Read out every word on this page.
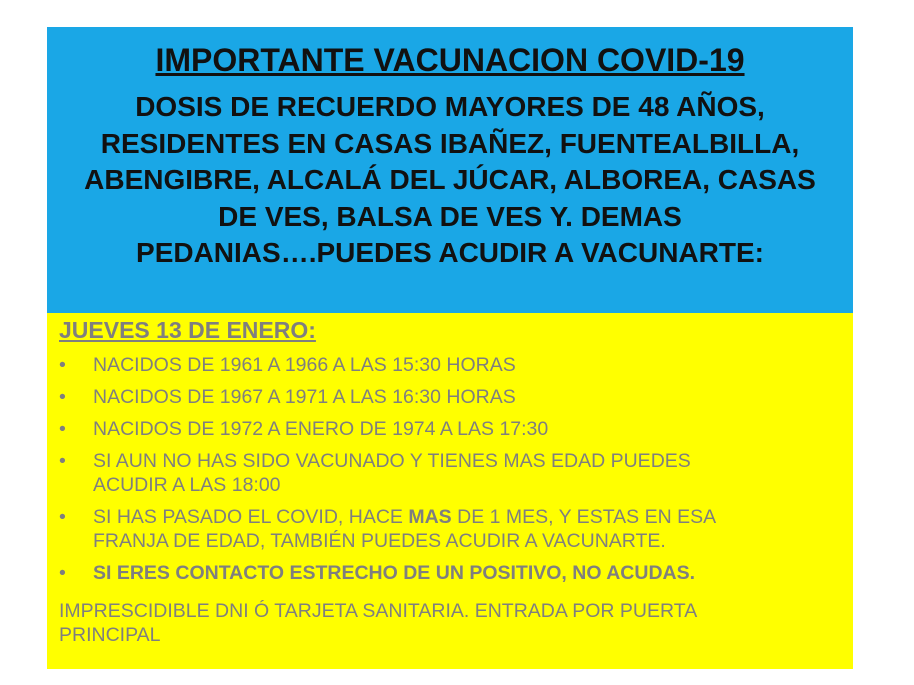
IMPORTANTE VACUNACION COVID-19
DOSIS DE RECUERDO MAYORES DE 48 AÑOS,
RESIDENTES EN CASAS IBAÑEZ, FUENTEALBILLA,
ABENGIBRE, ALCALÁ DEL JÚCAR, ALBOREA, CASAS
DE VES, BALSA DE VES Y. DEMAS
PEDANIAS….PUEDES ACUDIR A VACUNARTE:
JUEVES 13 DE ENERO:
• NACIDOS DE 1961 A 1966 A LAS 15:30 HORAS
• NACIDOS DE 1967 A 1971 A LAS 16:30 HORAS
• NACIDOS DE 1972 A ENERO DE 1974 A LAS 17:30
• SI AUN NO HAS SIDO VACUNADO Y TIENES MAS EDAD PUEDES
ACUDIR A LAS 18:00
• SI HAS PASADO EL COVID, HACE MAS DE 1 MES, Y ESTAS EN ESA
FRANJA DE EDAD, TAMBIÉN PUEDES ACUDIR A VACUNARTE.
• SI ERES CONTACTO ESTRECHO DE UN POSITIVO, NO ACUDAS.
IMPRESCIDIBLE DNI Ó TARJETA SANITARIA. ENTRADA POR PUERTA
PRINCIPAL
